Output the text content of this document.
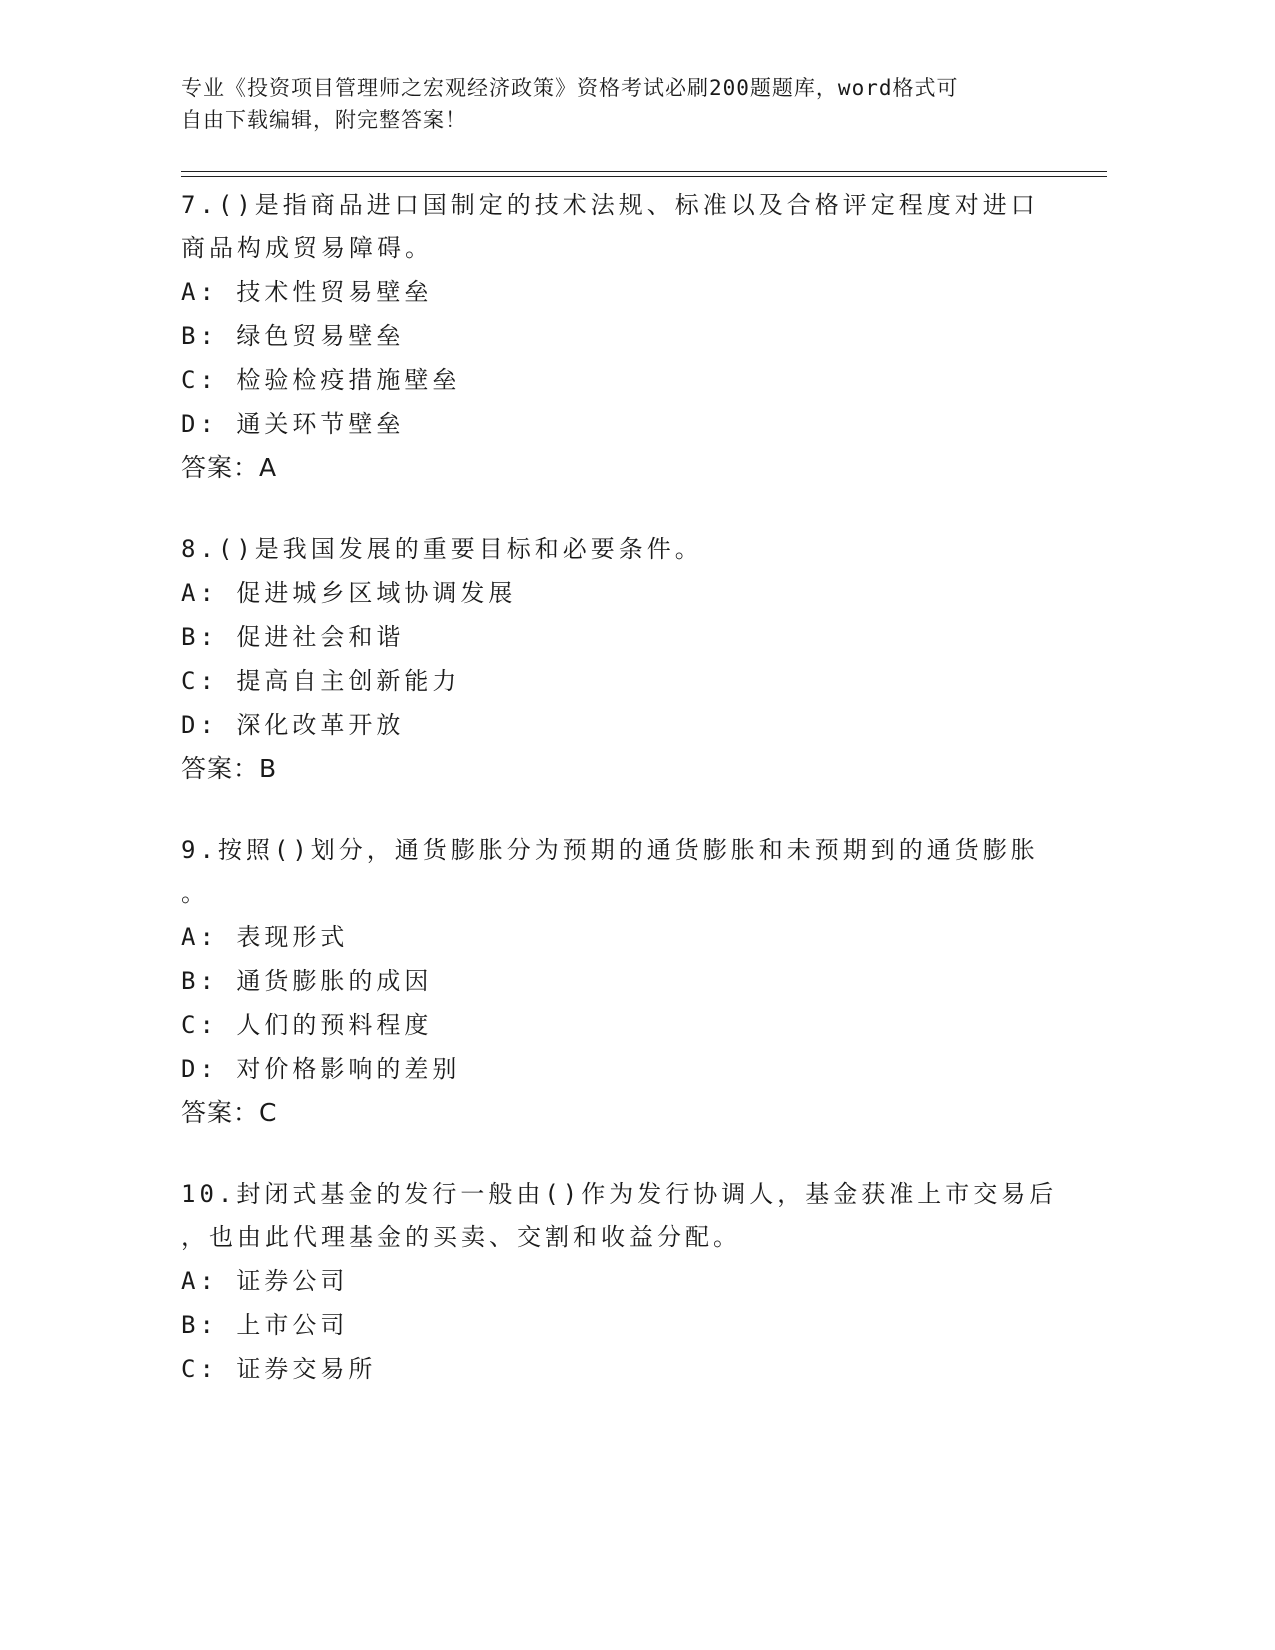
专业《投资项目管理师之宏观经济政策》资格考试必刷200题题库，word格式可
自由下载编辑，附完整答案！

7.()是指商品进口国制定的技术法规、标准以及合格评定程度对进口

商品构成贸易障碍。

A: 技术性贸易壁垒

B: 绿色贸易壁垒

C: 检验检疫措施壁垒

D: 通关环节壁垒

答案：A

8.()是我国发展的重要目标和必要条件。

A: 促进城乡区域协调发展

B: 促进社会和谐

C: 提高自主创新能力

D: 深化改革开放

答案：B

9.按照()划分，通货膨胀分为预期的通货膨胀和未预期到的通货膨胀

。

A: 表现形式

B: 通货膨胀的成因

C: 人们的预料程度

D: 对价格影响的差别

答案：C

10.封闭式基金的发行一般由()作为发行协调人，基金获准上市交易后

，也由此代理基金的买卖、交割和收益分配。

A: 证券公司

B: 上市公司

C: 证券交易所
